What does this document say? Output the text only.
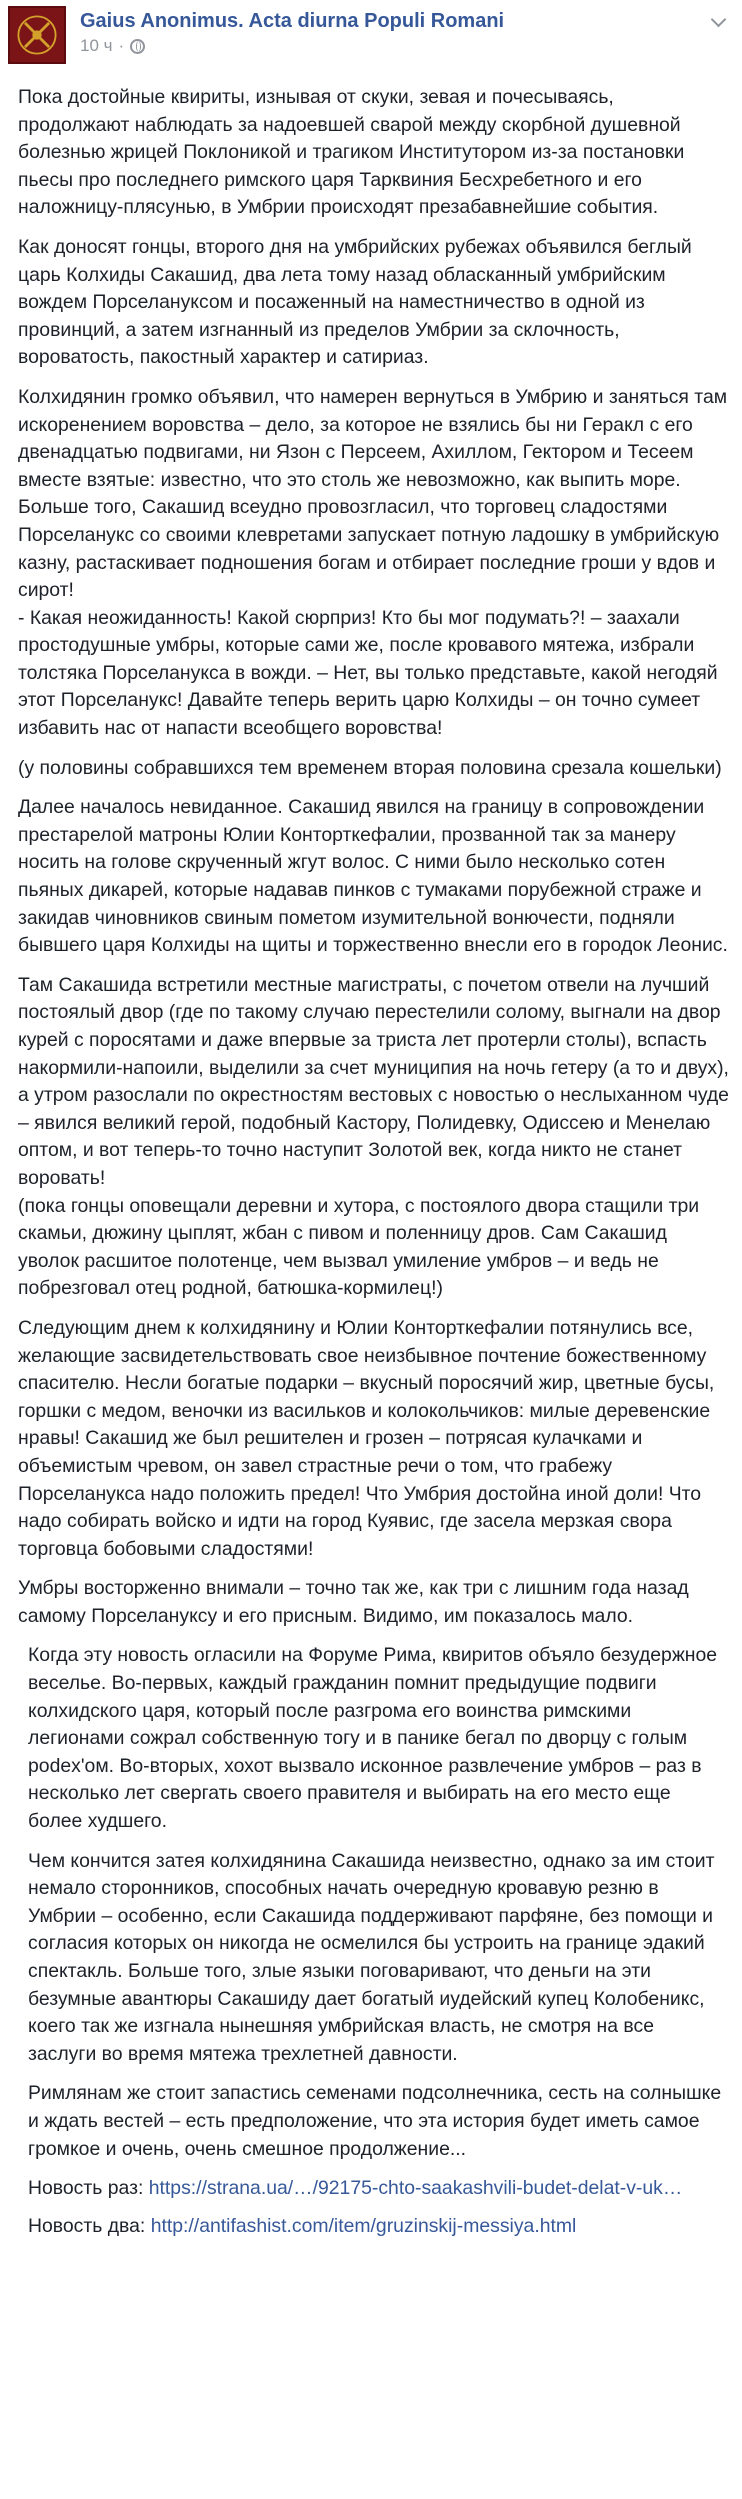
Gaius Anonimus. Acta diurna Populi Romani
10 ч ·

Пока достойные квириты, изнывая от скуки, зевая и почесываясь, продолжают наблюдать за надоевшей сварой между скорбной душевной болезнью жрицей Поклоникой и трагиком Институтором из-за постановки пьесы про последнего римского царя Тарквиния Бесхребетного и его наложницу-плясунью, в Умбрии происходят презабавнейшие события.

Как доносят гонцы, второго дня на умбрийских рубежах объявился беглый царь Колхиды Сакашид, два лета тому назад обласканный умбрийским вождем Порселануксом и посаженный на наместничество в одной из провинций, а затем изгнанный из пределов Умбрии за склочность, вороватость, пакостный характер и сатириаз.

Колхидянин громко объявил, что намерен вернуться в Умбрию и заняться там искоренением воровства – дело, за которое не взялись бы ни Геракл с его двенадцатью подвигами, ни Язон с Персеем, Ахиллом, Гектором и Тесеем вместе взятые: известно, что это столь же невозможно, как выпить море. Больше того, Сакашид всеудно провозгласил, что торговец сладостями Порселанукс со своими клевретами запускает потную ладошку в умбрийскую казну, растаскивает подношения богам и отбирает последние гроши у вдов и сирот!

- Какая неожиданность! Какой сюрприз! Кто бы мог подумать?! – заахали простодушные умбры, которые сами же, после кровавого мятежа, избрали толстяка Порселанукса в вожди. – Нет, вы только представьте, какой негодяй этот Порселанукс! Давайте теперь верить царю Колхиды – он точно сумеет избавить нас от напасти всеобщего воровства!

(у половины собравшихся тем временем вторая половина срезала кошельки)

Далее началось невиданное. Сакашид явился на границу в сопровождении престарелой матроны Юлии Конторткефалии, прозванной так за манеру носить на голове скрученный жгут волос. С ними было несколько сотен пьяных дикарей, которые надавав пинков с тумаками порубежной страже и закидав чиновников свиным пометом изумительной вонючести, подняли бывшего царя Колхиды на щиты и торжественно внесли его в городок Леонис.

Там Сакашида встретили местные магистраты, с почетом отвели на лучший постоялый двор (где по такому случаю перестелили солому, выгнали на двор курей с поросятами и даже впервые за триста лет протерли столы), вспасть накормили-напоили, выделили за счет муниципия на ночь гетеру (а то и двух), а утром разослали по окрестностям вестовых с новостью о неслыханном чуде – явился великий герой, подобный Кастору, Полидевку, Одиссею и Менелаю оптом, и вот теперь-то точно наступит Золотой век, когда никто не станет воровать!

(пока гонцы оповещали деревни и хутора, с постоялого двора стащили три скамьи, дюжину цыплят, жбан с пивом и поленницу дров. Сам Сакашид уволок расшитое полотенце, чем вызвал умиление умбров – и ведь не побрезговал отец родной, батюшка-кормилец!)

Следующим днем к колхидянину и Юлии Конторткефалии потянулись все, желающие засвидетельствовать свое неизбывное почтение божественному спасителю. Несли богатые подарки – вкусный поросячий жир, цветные бусы, горшки с медом, веночки из васильков и колокольчиков: милые деревенские нравы! Сакашид же был решителен и грозен – потрясая кулачками и объемистым чревом, он завел страстные речи о том, что грабежу Порселанукса надо положить предел! Что Умбрия достойна иной доли! Что надо собирать войско и идти на город Куявис, где засела мерзкая свора торговца бобовыми сладостями!

Умбры восторженно внимали – точно так же, как три с лишним года назад самому Порселануксу и его присным. Видимо, им показалось мало.

Когда эту новость огласили на Форуме Рима, квиритов объяло безудержное веселье. Во-первых, каждый гражданин помнит предыдущие подвиги колхидского царя, который после разгрома его воинства римскими легионами сожрал собственную тогу и в панике бегал по дворцу с голым podex'ом. Во-вторых, хохот вызвало исконное развлечение умбров – раз в несколько лет свергать своего правителя и выбирать на его место еще более худшего.

Чем кончится затея колхидянина Сакашида неизвестно, однако за им стоит немало сторонников, способных начать очередную кровавую резню в Умбрии – особенно, если Сакашида поддерживают парфяне, без помощи и согласия которых он никогда не осмелился бы устроить на границе эдакий спектакль. Больше того, злые языки поговаривают, что деньги на эти безумные авантюры Сакашиду дает богатый иудейский купец Колобеникс, коего так же изгнала нынешняя умбрийская власть, не смотря на все заслуги во время мятежа трехлетней давности.

Римлянам же стоит запастись семенами подсолнечника, сесть на солнышке и ждать вестей – есть предположение, что эта история будет иметь самое громкое и очень, очень смешное продолжение...

Новость раз: https://strana.ua/…/92175-chto-saakashvili-budet-delat-v-uk…
Новость два: http://antifashist.com/item/gruzinskij-messiya.html
